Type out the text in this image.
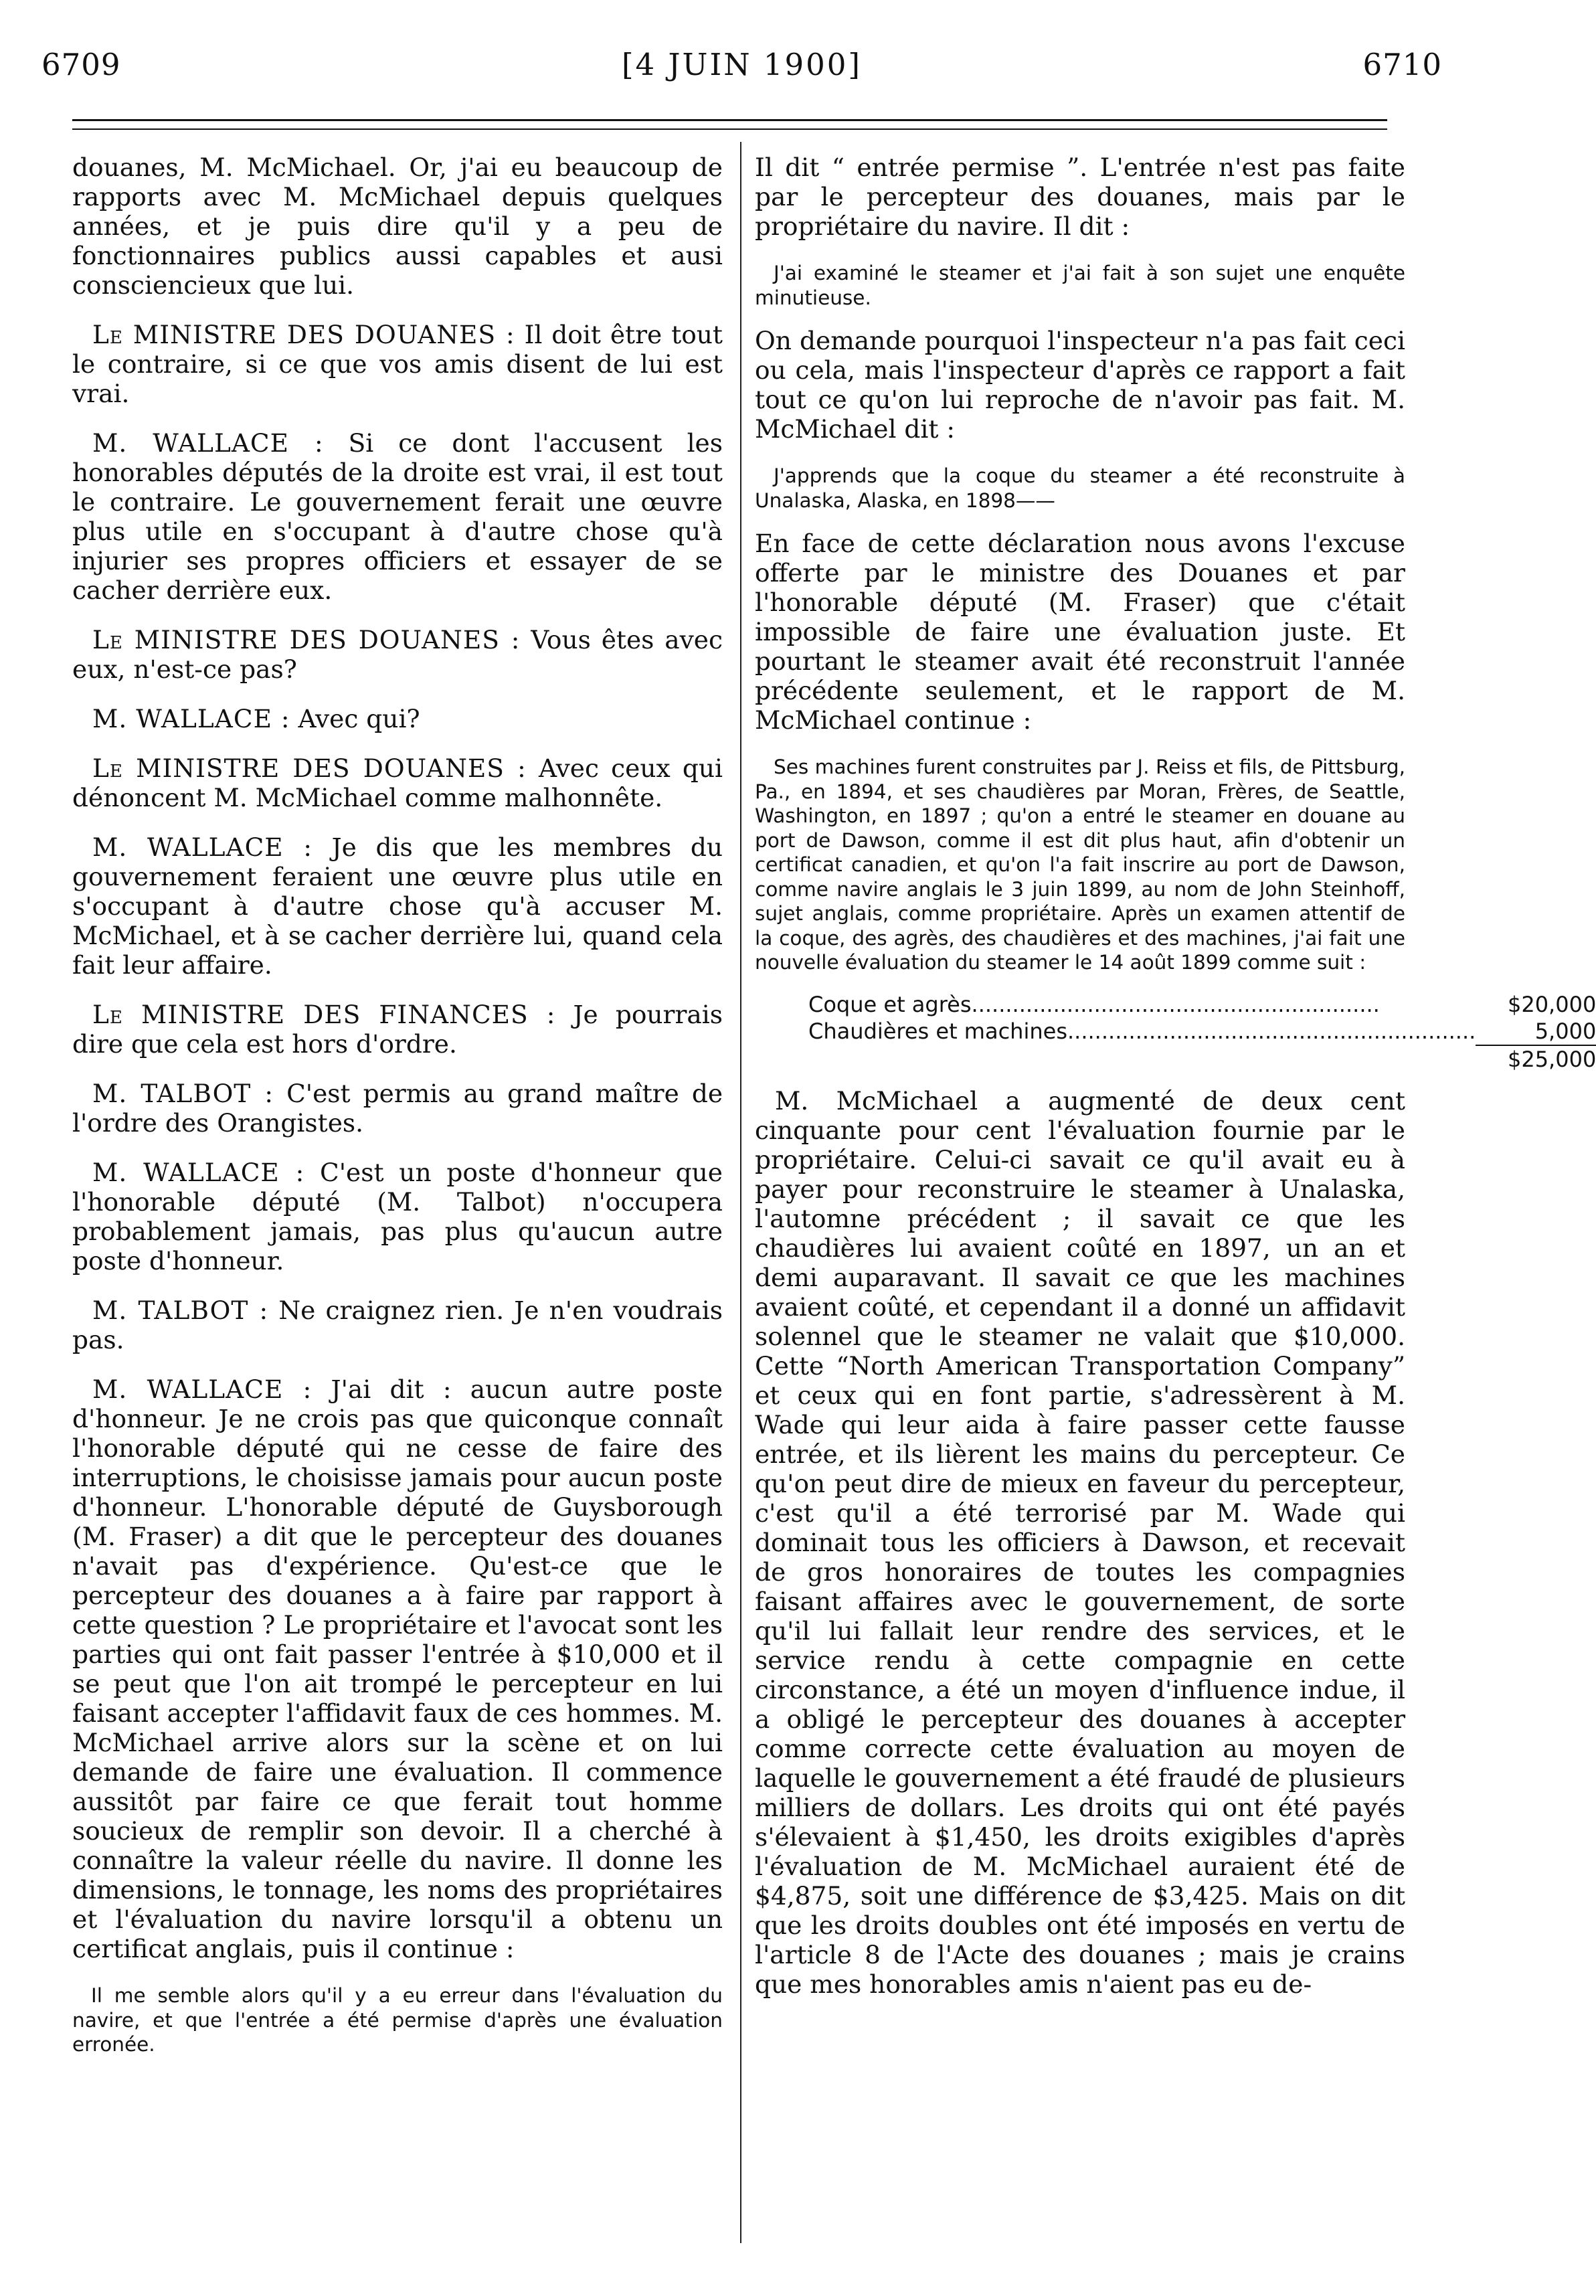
6709	[4 JUIN 1900]	6710

douanes, M. McMichael. Or, j'ai eu beaucoup de rapports avec M. McMichael depuis quelques années, et je puis dire qu'il y a peu de fonctionnaires publics aussi capables et ausi consciencieux que lui.

Le MINISTRE DES DOUANES : Il doit être tout le contraire, si ce que vos amis disent de lui est vrai.

M. WALLACE : Si ce dont l'accusent les honorables députés de la droite est vrai, il est tout le contraire. Le gouvernement ferait une œuvre plus utile en s'occupant à d'autre chose qu'à injurier ses propres officiers et essayer de se cacher derrière eux.

Le MINISTRE DES DOUANES : Vous êtes avec eux, n'est-ce pas?

M. WALLACE : Avec qui?

Le MINISTRE DES DOUANES : Avec ceux qui dénoncent M. McMichael comme malhonnête.

M. WALLACE : Je dis que les membres du gouvernement feraient une œuvre plus utile en s'occupant à d'autre chose qu'à accuser M. McMichael, et à se cacher derrière lui, quand cela fait leur affaire.

Le MINISTRE DES FINANCES : Je pourrais dire que cela est hors d'ordre.

M. TALBOT : C'est permis au grand maître de l'ordre des Orangistes.

M. WALLACE : C'est un poste d'honneur que l'honorable député (M. Talbot) n'occupera probablement jamais, pas plus qu'aucun autre poste d'honneur.

M. TALBOT : Ne craignez rien. Je n'en voudrais pas.

M. WALLACE : J'ai dit : aucun autre poste d'honneur. Je ne crois pas que quiconque connaît l'honorable député qui ne cesse de faire des interruptions, le choisisse jamais pour aucun poste d'honneur. L'honorable député de Guysborough (M. Fraser) a dit que le percepteur des douanes n'avait pas d'expérience. Qu'est-ce que le percepteur des douanes a à faire par rapport à cette question ? Le propriétaire et l'avocat sont les parties qui ont fait passer l'entrée à $10,000 et il se peut que l'on ait trompé le percepteur en lui faisant accepter l'affidavit faux de ces hommes. M. McMichael arrive alors sur la scène et on lui demande de faire une évaluation. Il commence aussitôt par faire ce que ferait tout homme soucieux de remplir son devoir. Il a cherché à connaître la valeur réelle du navire. Il donne les dimensions, le tonnage, les noms des propriétaires et l'évaluation du navire lorsqu'il a obtenu un certificat anglais, puis il continue :

Il me semble alors qu'il y a eu erreur dans l'évaluation du navire, et que l'entrée a été permise d'après une évaluation erronée.

Il dit “ entrée permise ”. L'entrée n'est pas faite par le percepteur des douanes, mais par le propriétaire du navire. Il dit :

J'ai examiné le steamer et j'ai fait à son sujet une enquête minutieuse.

On demande pourquoi l'inspecteur n'a pas fait ceci ou cela, mais l'inspecteur d'après ce rapport a fait tout ce qu'on lui reproche de n'avoir pas fait. M. McMichael dit :

J'apprends que la coque du steamer a été reconstruite à Unalaska, Alaska, en 1898——

En face de cette déclaration nous avons l'excuse offerte par le ministre des Douanes et par l'honorable député (M. Fraser) que c'était impossible de faire une évaluation juste. Et pourtant le steamer avait été reconstruit l'année précédente seulement, et le rapport de M. McMichael continue :

Ses machines furent construites par J. Reiss et fils, de Pittsburg, Pa., en 1894, et ses chaudières par Moran, Frères, de Seattle, Washington, en 1897 ; qu'on a entré le steamer en douane au port de Dawson, comme il est dit plus haut, afin d'obtenir un certificat canadien, et qu'on l'a fait inscrire au port de Dawson, comme navire anglais le 3 juin 1899, au nom de John Steinhoff, sujet anglais, comme propriétaire. Après un examen attentif de la coque, des agrès, des chaudières et des machines, j'ai fait une nouvelle évaluation du steamer le 14 août 1899 comme suit :

Coque et agrès............................................................	$20,000
Chaudières et machines............................................................	5,000

	$25,000

M. McMichael a augmenté de deux cent cinquante pour cent l'évaluation fournie par le propriétaire. Celui-ci savait ce qu'il avait eu à payer pour reconstruire le steamer à Unalaska, l'automne précédent ; il savait ce que les chaudières lui avaient coûté en 1897, un an et demi auparavant. Il savait ce que les machines avaient coûté, et cependant il a donné un affidavit solennel que le steamer ne valait que $10,000. Cette “North American Transportation Company” et ceux qui en font partie, s'adressèrent à M. Wade qui leur aida à faire passer cette fausse entrée, et ils lièrent les mains du percepteur. Ce qu'on peut dire de mieux en faveur du percepteur, c'est qu'il a été terrorisé par M. Wade qui dominait tous les officiers à Dawson, et recevait de gros honoraires de toutes les compagnies faisant affaires avec le gouvernement, de sorte qu'il lui fallait leur rendre des services, et le service rendu à cette compagnie en cette circonstance, a été un moyen d'influence indue, il a obligé le percepteur des douanes à accepter comme correcte cette évaluation au moyen de laquelle le gouvernement a été fraudé de plusieurs milliers de dollars. Les droits qui ont été payés s'élevaient à $1,450, les droits exigibles d'après l'évaluation de M. McMichael auraient été de $4,875, soit une différence de $3,425. Mais on dit que les droits doubles ont été imposés en vertu de l'article 8 de l'Acte des douanes ; mais je crains que mes honorables amis n'aient pas eu de-
